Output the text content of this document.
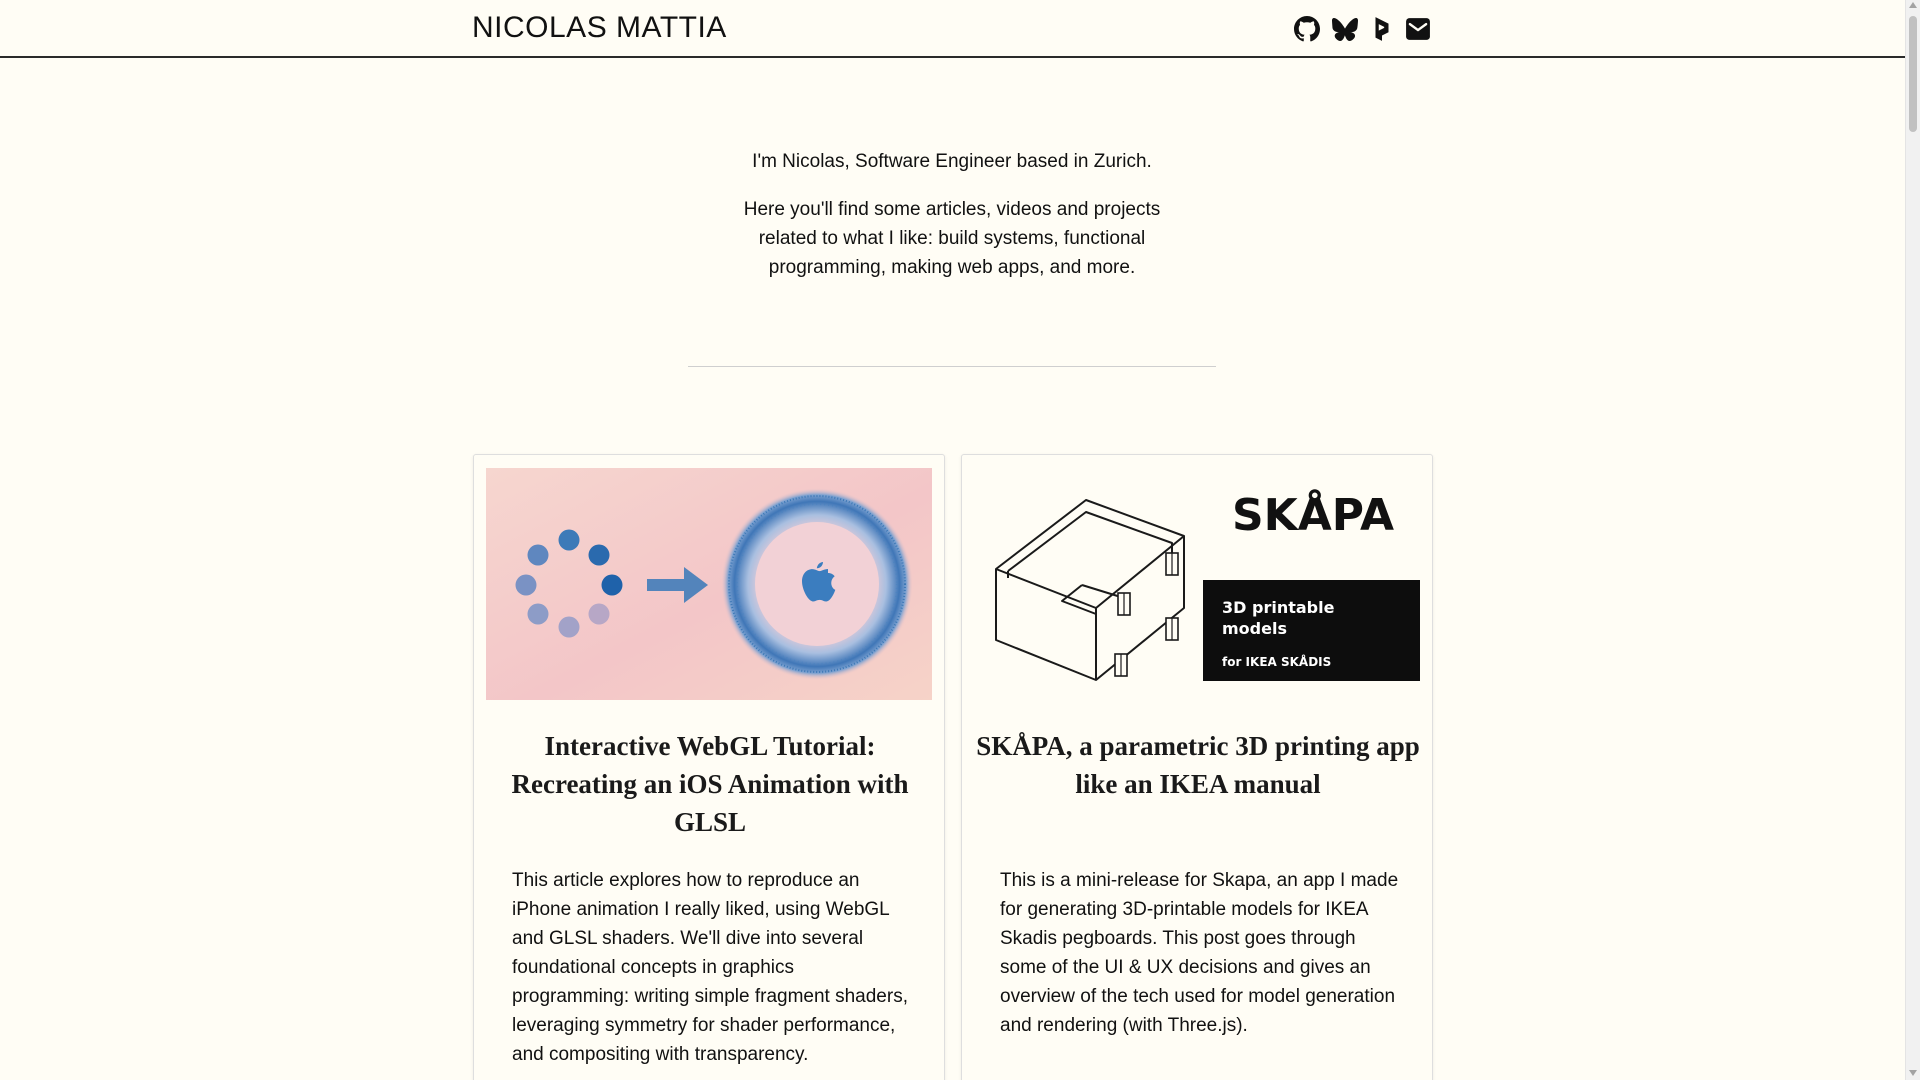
NICOLAS MATTIA

I'm Nicolas, Software Engineer based in Zurich.

Here you'll find some articles, videos and projects related to what I like: build systems, functional programming, making web apps, and more.

Interactive WebGL Tutorial: Recreating an iOS Animation with GLSL

This article explores how to reproduce an iPhone animation I really liked, using WebGL and GLSL shaders. We'll dive into several foundational concepts in graphics programming: writing simple fragment shaders, leveraging symmetry for shader performance, and compositing with transparency.

SKÅPA
3D printable models
for IKEA SKÅDIS
SKÅPA, a parametric 3D printing app like an IKEA manual

This is a mini-release for Skapa, an app I made for generating 3D-printable models for IKEA Skadis pegboards. This post goes through some of the UI & UX decisions and gives an overview of the tech used for model generation and rendering (with Three.js).
